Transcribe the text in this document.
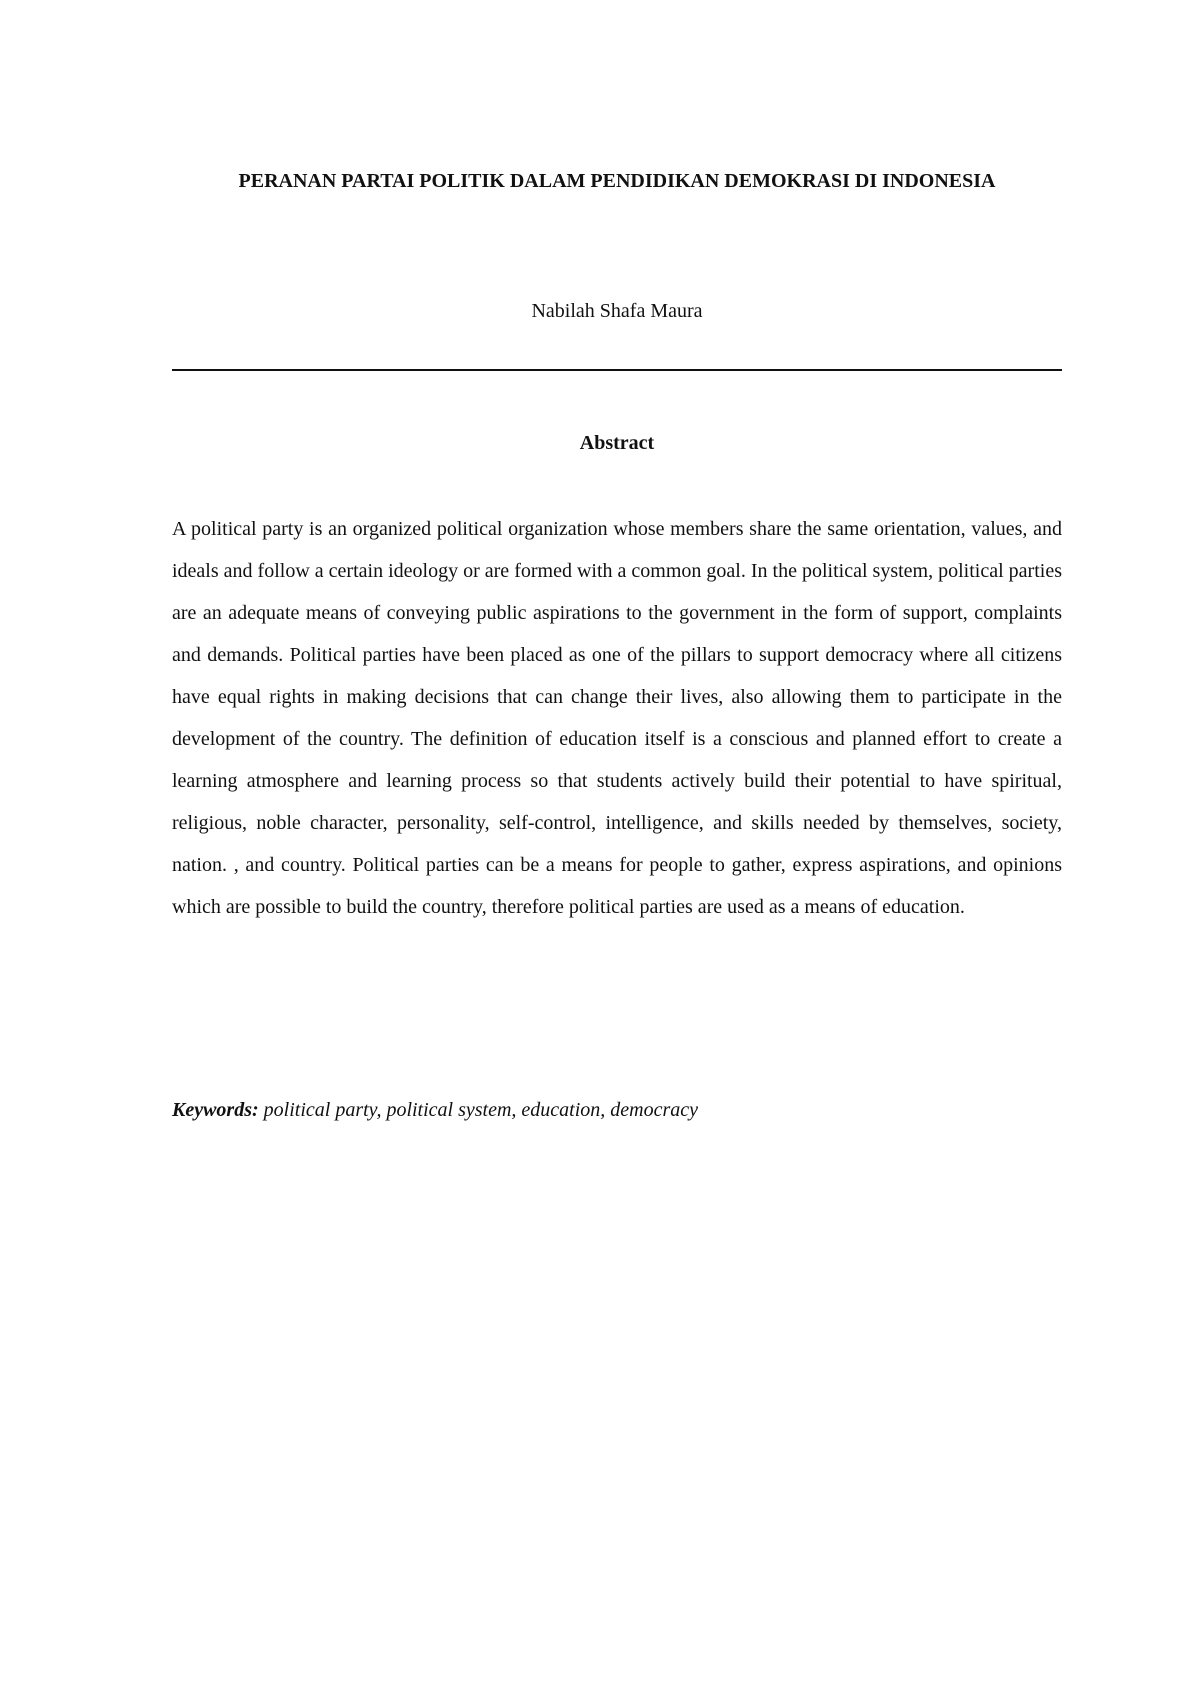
PERANAN PARTAI POLITIK DALAM PENDIDIKAN DEMOKRASI DI INDONESIA
Nabilah Shafa Maura
Abstract

A political party is an organized political organization whose members share the same orientation, values, and ideals and follow a certain ideology or are formed with a common goal. In the political system, political parties are an adequate means of conveying public aspirations to the government in the form of support, complaints and demands. Political parties have been placed as one of the pillars to support democracy where all citizens have equal rights in making decisions that can change their lives, also allowing them to participate in the development of the country. The definition of education itself is a conscious and planned effort to create a learning atmosphere and learning process so that students actively build their potential to have spiritual, religious, noble character, personality, self-control, intelligence, and skills needed by themselves, society, nation. , and country. Political parties can be a means for people to gather, express aspirations, and opinions which are possible to build the country, therefore political parties are used as a means of education.

Keywords: political party, political system, education, democracy
